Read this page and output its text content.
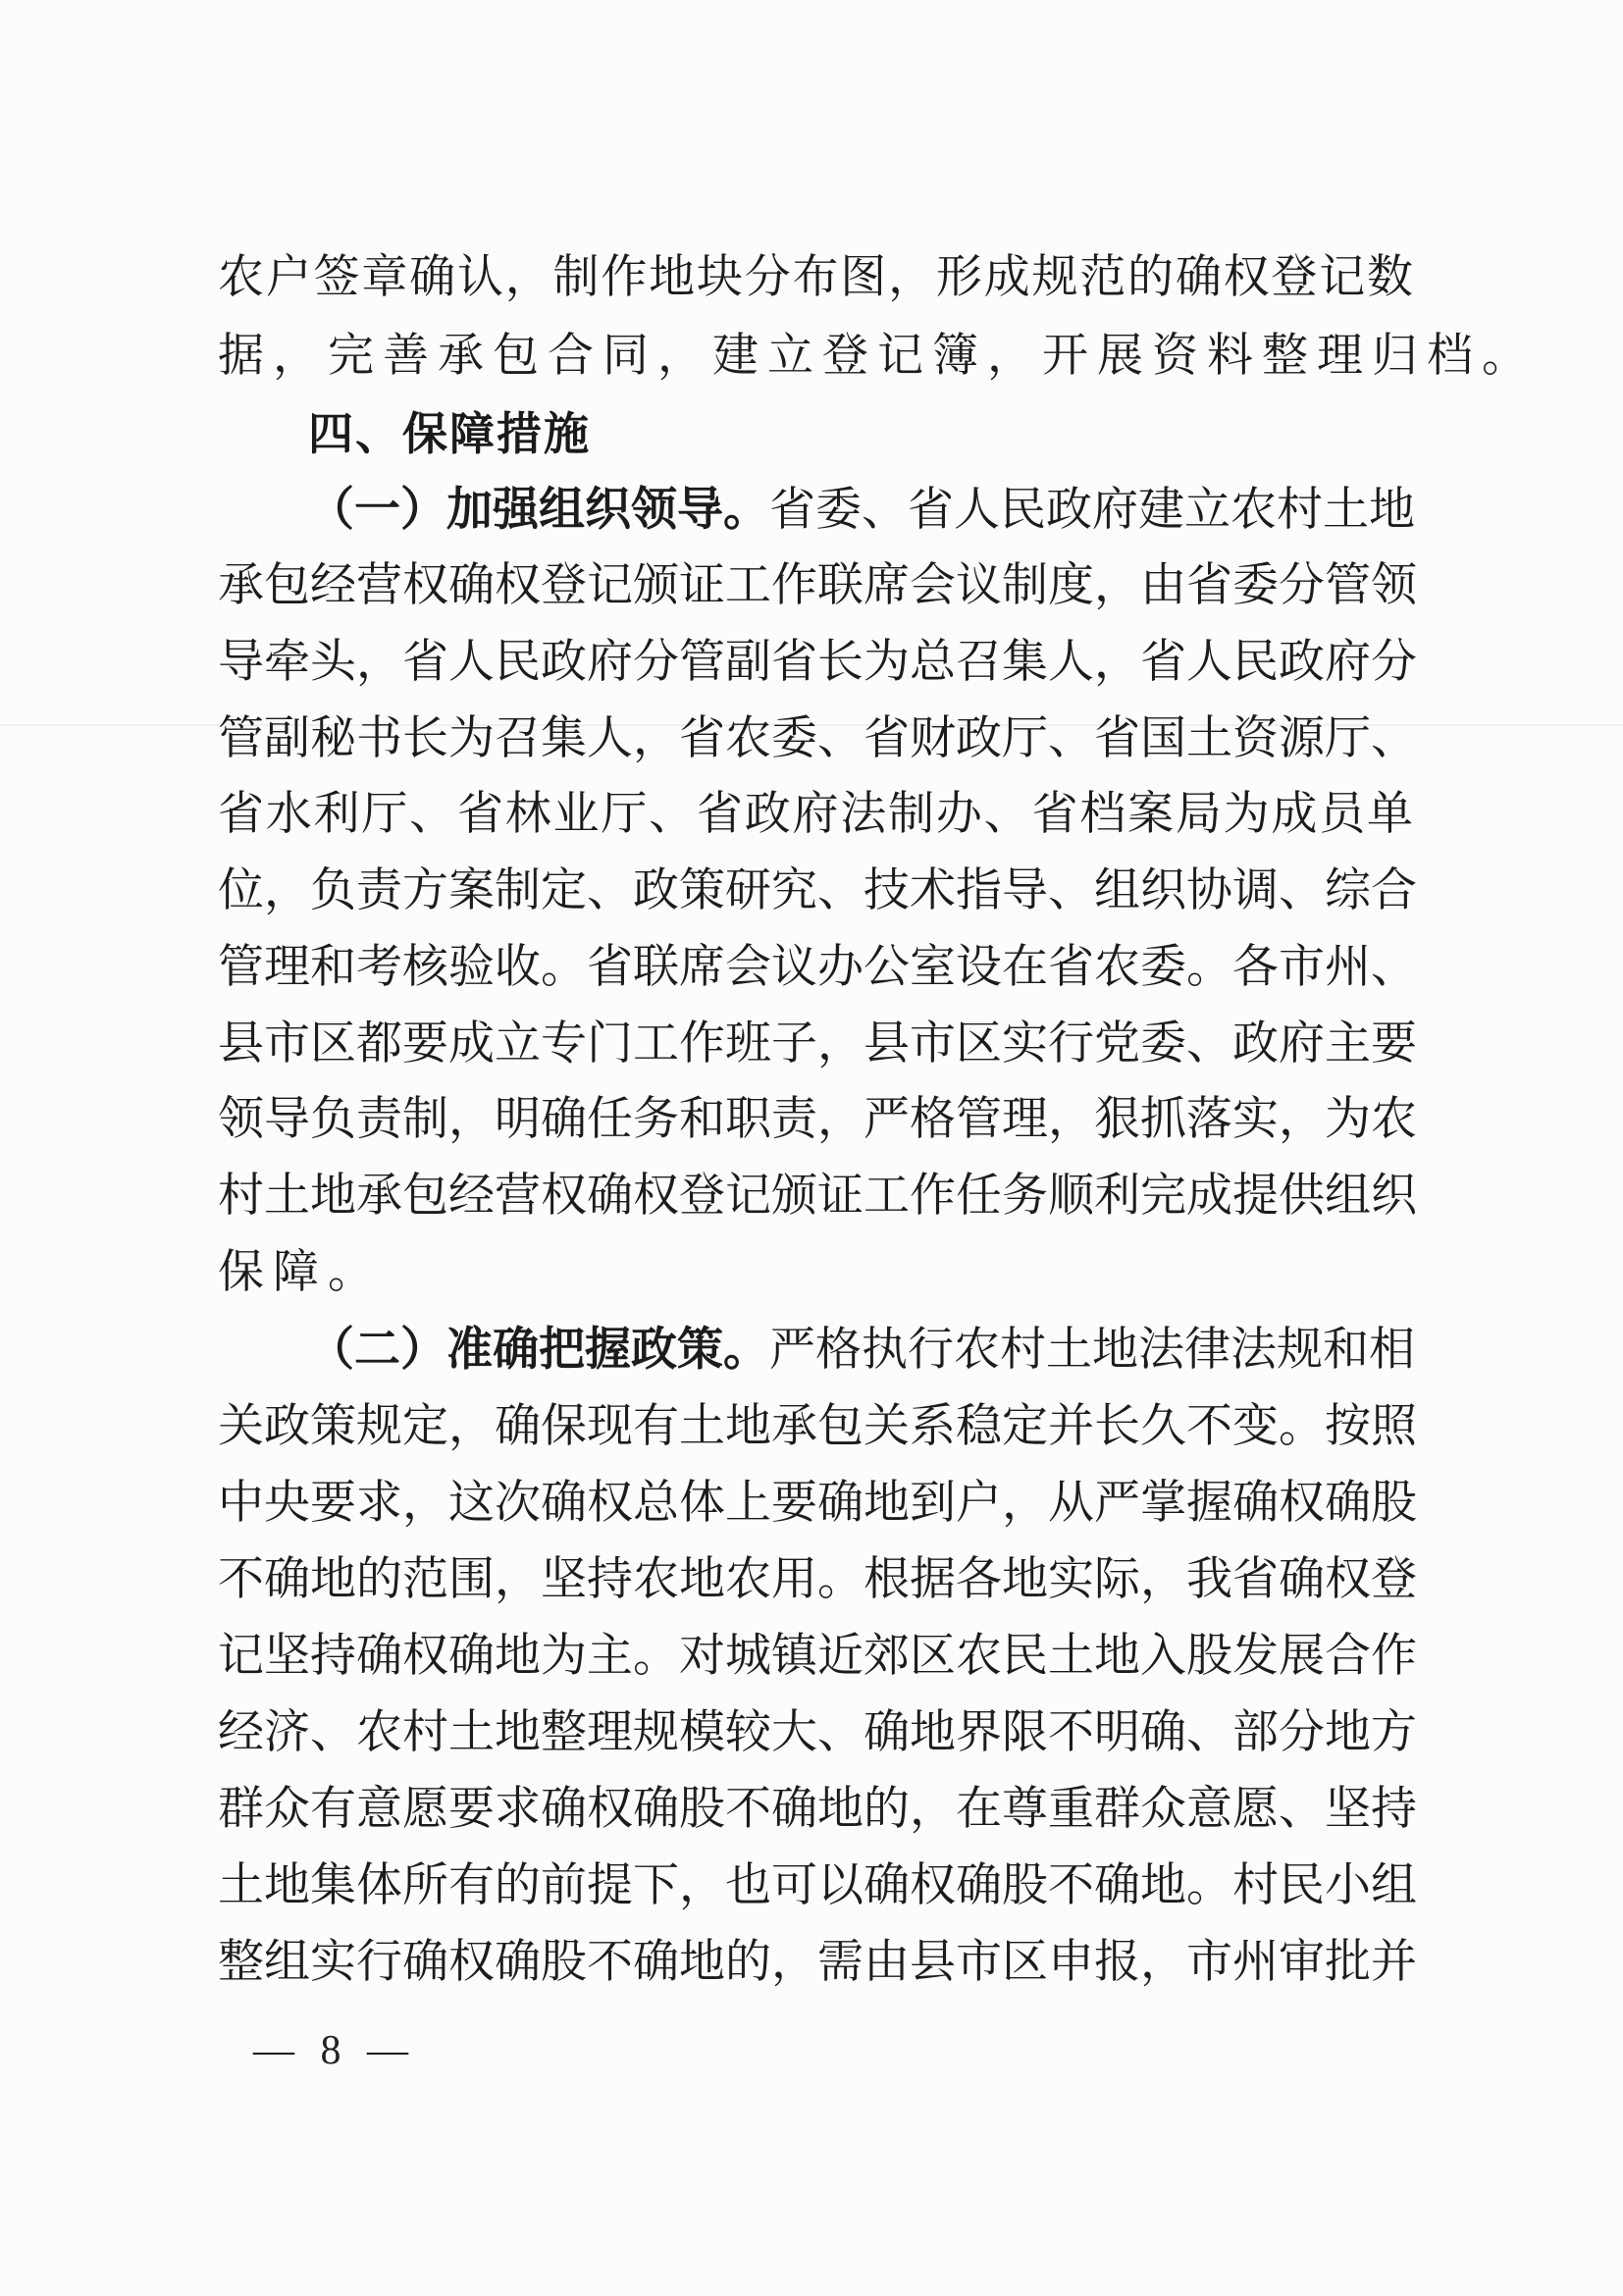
农户签章确认，制作地块分布图，形成规范的确权登记数
据，完善承包合同，建立登记簿，开展资料整理归档。
四、保障措施
（一）加强组织领导。省委、省人民政府建立农村土地
承包经营权确权登记颁证工作联席会议制度，由省委分管领
导牵头，省人民政府分管副省长为总召集人，省人民政府分
管副秘书长为召集人，省农委、省财政厅、省国土资源厅、
省水利厅、省林业厅、省政府法制办、省档案局为成员单
位，负责方案制定、政策研究、技术指导、组织协调、综合
管理和考核验收。省联席会议办公室设在省农委。各市州、
县市区都要成立专门工作班子，县市区实行党委、政府主要
领导负责制，明确任务和职责，严格管理，狠抓落实，为农
村土地承包经营权确权登记颁证工作任务顺利完成提供组织
保障。
（二）准确把握政策。严格执行农村土地法律法规和相
关政策规定，确保现有土地承包关系稳定并长久不变。按照
中央要求，这次确权总体上要确地到户，从严掌握确权确股
不确地的范围，坚持农地农用。根据各地实际，我省确权登
记坚持确权确地为主。对城镇近郊区农民土地入股发展合作
经济、农村土地整理规模较大、确地界限不明确、部分地方
群众有意愿要求确权确股不确地的，在尊重群众意愿、坚持
土地集体所有的前提下，也可以确权确股不确地。村民小组
整组实行确权确股不确地的，需由县市区申报，市州审批并
— 8 —
